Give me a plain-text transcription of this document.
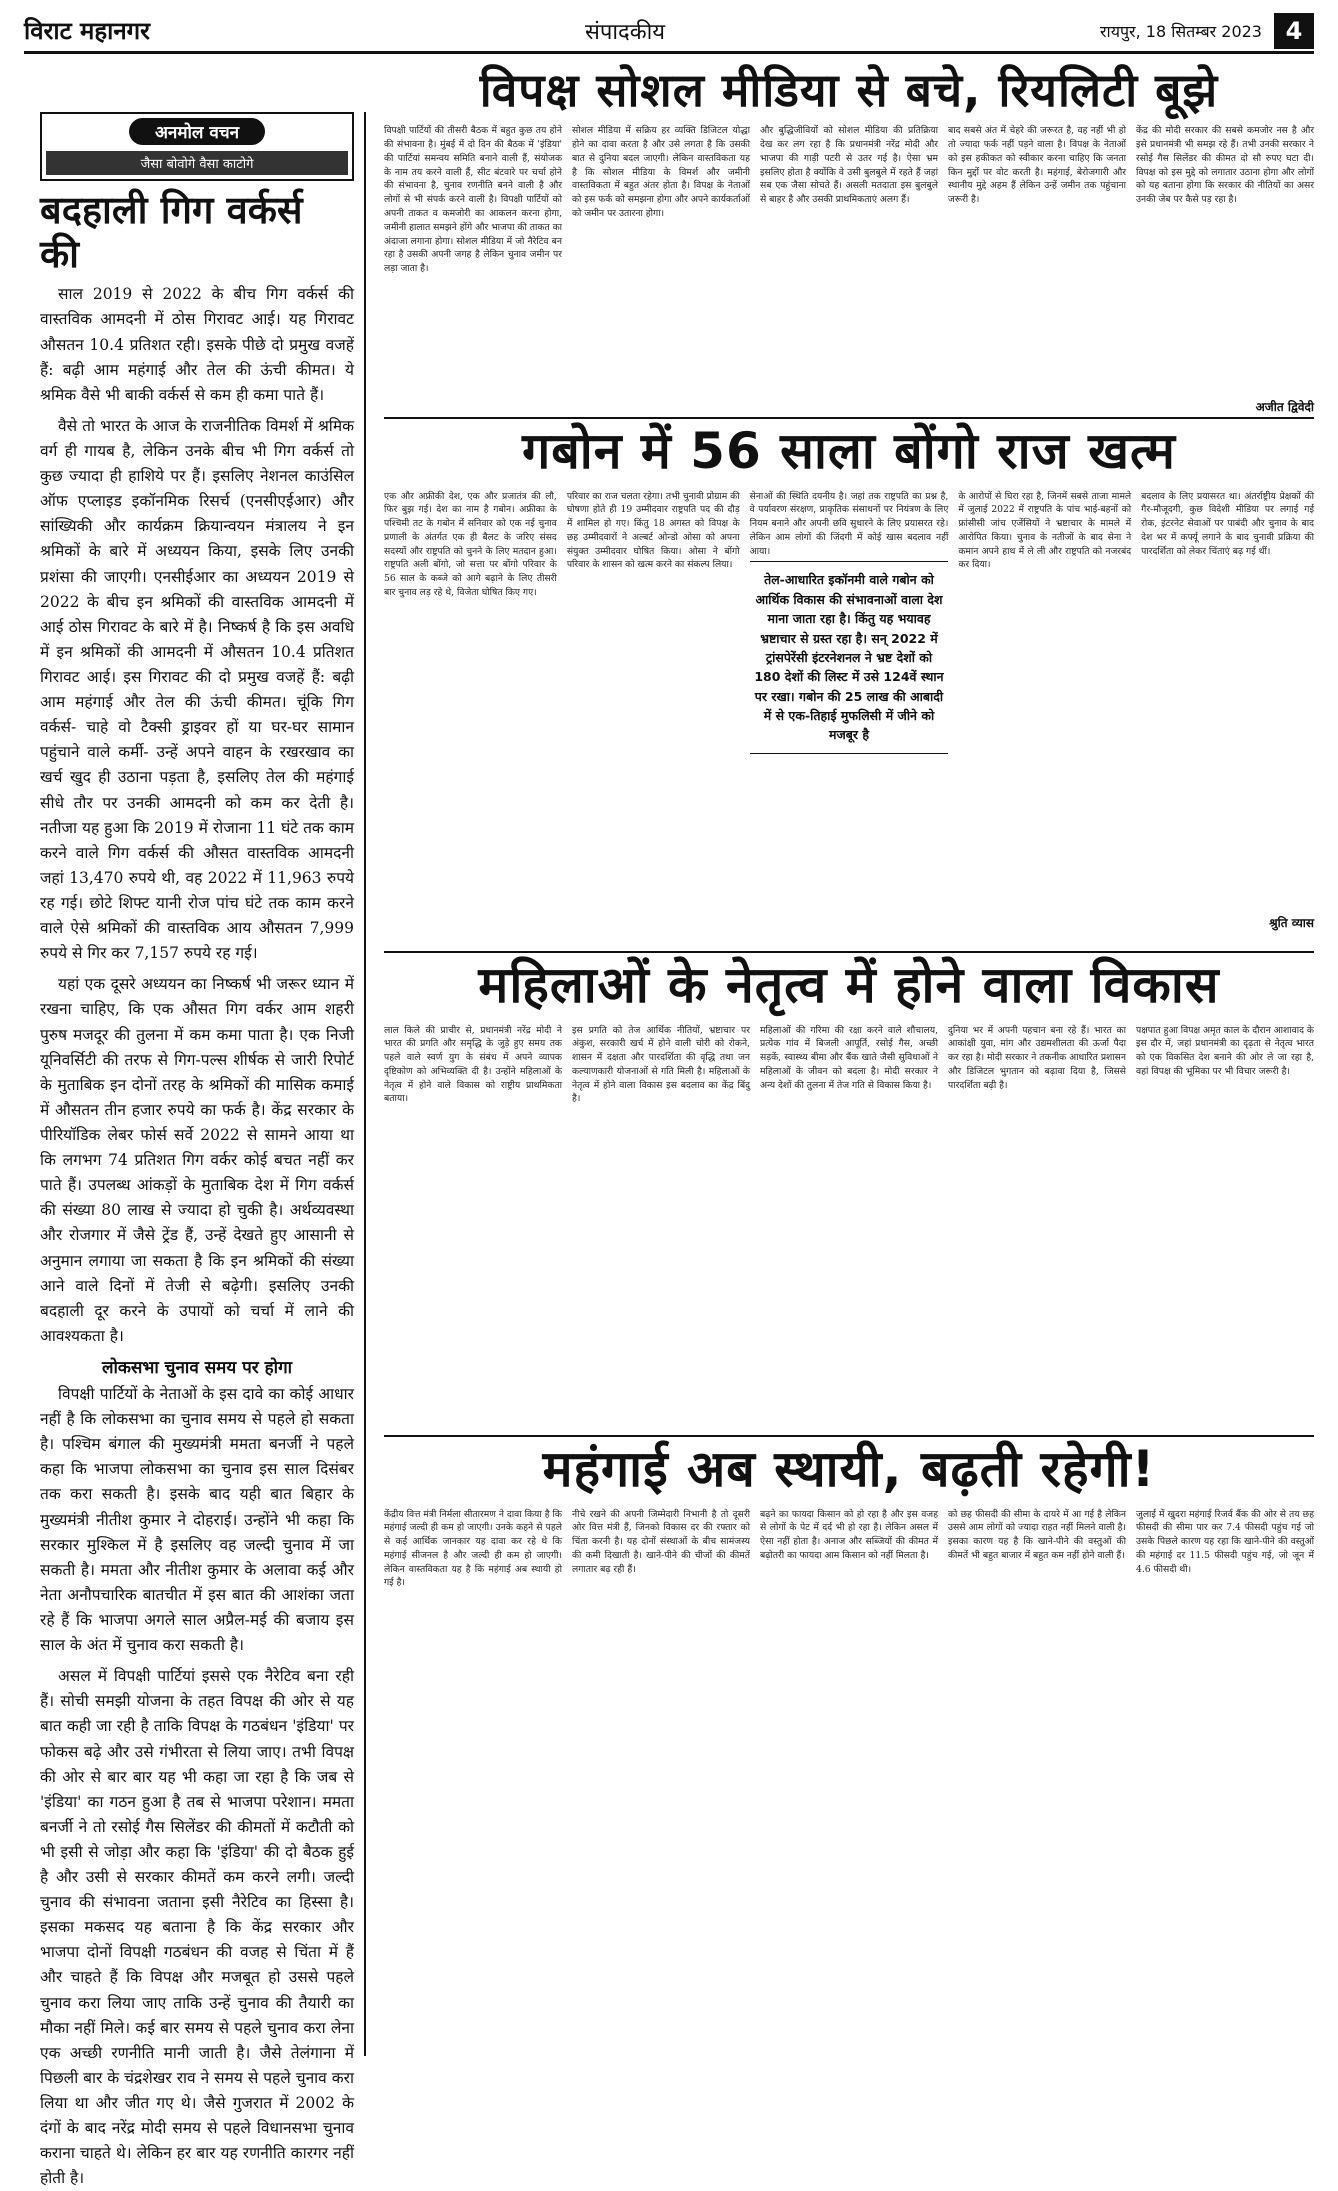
विराट महानगर	संपादकीय	रायपुर, 18 सितम्बर 2023 4
अनमोल वचन
जैसा बोवोगे वैसा काटोगे
बदहाली गिग वर्कर्स की

साल 2019 से 2022 के बीच गिग वर्कर्स की वास्तविक आमदनी में ठोस गिरावट आई। यह गिरावट औसतन 10.4 प्रतिशत रही। इसके पीछे दो प्रमुख वजहें हैं: बढ़ी आम महंगाई और तेल की ऊंची कीमत। ये श्रमिक वैसे भी बाकी वर्कर्स से कम ही कमा पाते हैं।

वैसे तो भारत के आज के राजनीतिक विमर्श में श्रमिक वर्ग ही गायब है, लेकिन उनके बीच भी गिग वर्कर्स तो कुछ ज्यादा ही हाशिये पर हैं। इसलिए नेशनल काउंसिल ऑफ एप्लाइड इकॉनमिक रिसर्च (एनसीएईआर) और सांख्यिकी और कार्यक्रम क्रियान्वयन मंत्रालय ने इन श्रमिकों के बारे में अध्ययन किया, इसके लिए उनकी प्रशंसा की जाएगी। एनसीईआर का अध्ययन 2019 से 2022 के बीच इन श्रमिकों की वास्तविक आमदनी में आई ठोस गिरावट के बारे में है। निष्कर्ष है कि इस अवधि में इन श्रमिकों की आमदनी में औसतन 10.4 प्रतिशत गिरावट आई। इस गिरावट की दो प्रमुख वजहें हैं: बढ़ी आम महंगाई और तेल की ऊंची कीमत। चूंकि गिग वर्कर्स- चाहे वो टैक्सी ड्राइवर हों या घर-घर सामान पहुंचाने वाले कर्मी- उन्हें अपने वाहन के रखरखाव का खर्च खुद ही उठाना पड़ता है, इसलिए तेल की महंगाई सीधे तौर पर उनकी आमदनी को कम कर देती है। नतीजा यह हुआ कि 2019 में रोजाना 11 घंटे तक काम करने वाले गिग वर्कर्स की औसत वास्तविक आमदनी जहां 13,470 रुपये थी, वह 2022 में 11,963 रुपये रह गई। छोटे शिफ्ट यानी रोज पांच घंटे तक काम करने वाले ऐसे श्रमिकों की वास्तविक आय औसतन 7,999 रुपये से गिर कर 7,157 रुपये रह गई।

यहां एक दूसरे अध्ययन का निष्कर्ष भी जरूर ध्यान में रखना चाहिए, कि एक औसत गिग वर्कर आम शहरी पुरुष मजदूर की तुलना में कम कमा पाता है। एक निजी यूनिवर्सिटी की तरफ से गिग-पल्स शीर्षक से जारी रिपोर्ट के मुताबिक इन दोनों तरह के श्रमिकों की मासिक कमाई में औसतन तीन हजार रुपये का फर्क है। केंद्र सरकार के पीरियॉडिक लेबर फोर्स सर्वे 2022 से सामने आया था कि लगभग 74 प्रतिशत गिग वर्कर कोई बचत नहीं कर पाते हैं। उपलब्ध आंकड़ों के मुताबिक देश में गिग वर्कर्स की संख्या 80 लाख से ज्यादा हो चुकी है। अर्थव्यवस्था और रोजगार में जैसे ट्रेंड हैं, उन्हें देखते हुए आसानी से अनुमान लगाया जा सकता है कि इन श्रमिकों की संख्या आने वाले दिनों में तेजी से बढ़ेगी। इसलिए उनकी बदहाली दूर करने के उपायों को चर्चा में लाने की आवश्यकता है।

लोकसभा चुनाव समय पर होगा

विपक्षी पार्टियों के नेताओं के इस दावे का कोई आधार नहीं है कि लोकसभा का चुनाव समय से पहले हो सकता है। पश्चिम बंगाल की मुख्यमंत्री ममता बनर्जी ने पहले कहा कि भाजपा लोकसभा का चुनाव इस साल दिसंबर तक करा सकती है। इसके बाद यही बात बिहार के मुख्यमंत्री नीतीश कुमार ने दोहराई। उन्होंने भी कहा कि सरकार मुश्किल में है इसलिए वह जल्दी चुनाव में जा सकती है। ममता और नीतीश कुमार के अलावा कई और नेता अनौपचारिक बातचीत में इस बात की आशंका जता रहे हैं कि भाजपा अगले साल अप्रैल-मई की बजाय इस साल के अंत में चुनाव करा सकती है।

असल में विपक्षी पार्टियां इससे एक नैरेटिव बना रही हैं। सोची समझी योजना के तहत विपक्ष की ओर से यह बात कही जा रही है ताकि विपक्ष के गठबंधन 'इंडिया' पर फोकस बढ़े और उसे गंभीरता से लिया जाए। तभी विपक्ष की ओर से बार बार यह भी कहा जा रहा है कि जब से 'इंडिया' का गठन हुआ है तब से भाजपा परेशान। ममता बनर्जी ने तो रसोई गैस सिलेंडर की कीमतों में कटौती को भी इसी से जोड़ा और कहा कि 'इंडिया' की दो बैठक हुई है और उसी से सरकार कीमतें कम करने लगी। जल्दी चुनाव की संभावना जताना इसी नैरेटिव का हिस्सा है। इसका मकसद यह बताना है कि केंद्र सरकार और भाजपा दोनों विपक्षी गठबंधन की वजह से चिंता में हैं और चाहते हैं कि विपक्ष और मजबूत हो उससे पहले चुनाव करा लिया जाए ताकि उन्हें चुनाव की तैयारी का मौका नहीं मिले। कई बार समय से पहले चुनाव करा लेना एक अच्छी रणनीति मानी जाती है। जैसे तेलंगाना में पिछली बार के चंद्रशेखर राव ने समय से पहले चुनाव करा लिया था और जीत गए थे। जैसे गुजरात में 2002 के दंगों के बाद नरेंद्र मोदी समय से पहले विधानसभा चुनाव कराना चाहते थे। लेकिन हर बार यह रणनीति कारगर नहीं होती है।

विपक्ष सोशल मीडिया से बचे, रियलिटी बूझे

विपक्षी पार्टियों की तीसरी बैठक में बहुत कुछ तय होने की संभावना है। मुंबई में दो दिन की बैठक में 'इंडिया' की पार्टियां समन्वय समिति बनाने वाली हैं, संयोजक के नाम तय करने वाली हैं, सीट बंटवारे पर चर्चा होने की संभावना है, चुनाव रणनीति बनने वाली है और लोगों से भी संपर्क करने वाली है। विपक्षी पार्टियों को अपनी ताकत व कमजोरी का आकलन करना होगा, जमीनी हालात समझने होंगे और भाजपा की ताकत का अंदाजा लगाना होगा। सोशल मीडिया में जो नैरेटिव बन रहा है उसकी अपनी जगह है लेकिन चुनाव जमीन पर लड़ा जाता है।

सोशल मीडिया में सक्रिय हर व्यक्ति डिजिटल योद्धा होने का दावा करता है और उसे लगता है कि उसकी बात से दुनिया बदल जाएगी। लेकिन वास्तविकता यह है कि सोशल मीडिया के विमर्श और जमीनी वास्तविकता में बहुत अंतर होता है। विपक्ष के नेताओं को इस फर्क को समझना होगा और अपने कार्यकर्ताओं को जमीन पर उतारना होगा।

और बुद्धिजीवियों को सोशल मीडिया की प्रतिक्रिया देख कर लग रहा है कि प्रधानमंत्री नरेंद्र मोदी और भाजपा की गाड़ी पटरी से उतर गई है। ऐसा भ्रम इसलिए होता है क्योंकि वे उसी बुलबुले में रहते हैं जहां सब एक जैसा सोचते हैं। असली मतदाता इस बुलबुले से बाहर है और उसकी प्राथमिकताएं अलग हैं।

बाद सबसे अंत में चेहरे की जरूरत है, वह नहीं भी हो तो ज्यादा फर्क नहीं पड़ने वाला है। विपक्ष के नेताओं को इस हकीकत को स्वीकार करना चाहिए कि जनता किन मुद्दों पर वोट करती है। महंगाई, बेरोजगारी और स्थानीय मुद्दे अहम हैं लेकिन उन्हें जमीन तक पहुंचाना जरूरी है।

केंद्र की मोदी सरकार की सबसे कमजोर नस है और इसे प्रधानमंत्री भी समझ रहे हैं। तभी उनकी सरकार ने रसोई गैस सिलेंडर की कीमत दो सौ रुपए घटा दी। विपक्ष को इस मुद्दे को लगातार उठाना होगा और लोगों को यह बताना होगा कि सरकार की नीतियों का असर उनकी जेब पर कैसे पड़ रहा है।

अजीत द्विवेदी
गबोन में 56 साला बोंगो राज खत्म

एक और अफ्रीकी देश, एक और प्रजातंत्र की लौ, फिर बुझ गई। देश का नाम है गबोन। अफ्रीका के पश्चिमी तट के गबोन में सनिवार को एक नई चुनाव प्रणाली के अंतर्गत एक ही बैलट के जरिए संसद सदस्यों और राष्ट्रपति को चुनने के लिए मतदान हुआ। राष्ट्रपति अली बोंगो, जो सत्ता पर बोंगो परिवार के 56 साल के कब्जे को आगे बढ़ाने के लिए तीसरी बार चुनाव लड़ रहे थे, विजेता घोषित किए गए।

परिवार का राज चलता रहेगा। तभी चुनावी प्रोग्राम की घोषणा होते ही 19 उम्मीदवार राष्ट्रपति पद की दौड़ में शामिल हो गए। किंतु 18 अगस्त को विपक्ष के छह उम्मीदवारों ने अल्बर्ट ओन्डो ओसा को अपना संयुक्त उम्मीदवार घोषित किया। ओसा ने बोंगो परिवार के शासन को खत्म करने का संकल्प लिया।

सेनाओं की स्थिति दयनीय है। जहां तक राष्ट्रपति का प्रश्न है, वे पर्यावरण संरक्षण, प्राकृतिक संसाधनों पर नियंत्रण के लिए नियम बनाने और अपनी छवि सुधारने के लिए प्रयासरत रहे। लेकिन आम लोगों की जिंदगी में कोई खास बदलाव नहीं आया।

तेल-आधारित इकॉनमी वाले गबोन को आर्थिक विकास की संभावनाओं वाला देश माना जाता रहा है। किंतु यह भयावह भ्रष्टाचार से ग्रस्त रहा है। सन् 2022 में ट्रांसपेरेंसी इंटरनेशनल ने भ्रष्ट देशों को 180 देशों की लिस्ट में उसे 124वें स्थान पर रखा। गबोन की 25 लाख की आबादी में से एक-तिहाई मुफलिसी में जीने को मजबूर है

के आरोपों से घिरा रहा है, जिनमें सबसे ताजा मामले में जुलाई 2022 में राष्ट्रपति के पांच भाई-बहनों को फ्रांसीसी जांच एजेंसियों ने भ्रष्टाचार के मामले में आरोपित किया। चुनाव के नतीजों के बाद सेना ने कमान अपने हाथ में ले ली और राष्ट्रपति को नजरबंद कर दिया।

बदलाव के लिए प्रयासरत था। अंतर्राष्ट्रीय प्रेक्षकों की गैर-मौजूदगी, कुछ विदेशी मीडिया पर लगाई गई रोक, इंटरनेट सेवाओं पर पाबंदी और चुनाव के बाद देश भर में कर्फ्यू लगाने के बाद चुनावी प्रक्रिया की पारदर्शिता को लेकर चिंताएं बढ़ गई थीं।

श्रुति व्यास
महिलाओं के नेतृत्व में होने वाला विकास

लाल किले की प्राचीर से, प्रधानमंत्री नरेंद्र मोदी ने भारत की प्रगति और समृद्धि के जुड़े हुए समय तक पहले वाले स्वर्ण युग के संबंध में अपने व्यापक दृष्टिकोण को अभिव्यक्ति दी है। उन्होंने महिलाओं के नेतृत्व में होने वाले विकास को राष्ट्रीय प्राथमिकता बताया।

इस प्रगति को तेज आर्थिक नीतियों, भ्रष्टाचार पर अंकुश, सरकारी खर्च में होने वाली चोरी को रोकने, शासन में दक्षता और पारदर्शिता की वृद्धि तथा जन कल्याणकारी योजनाओं से गति मिली है। महिलाओं के नेतृत्व में होने वाला विकास इस बदलाव का केंद्र बिंदु है।

महिलाओं की गरिमा की रक्षा करने वाले शौचालय, प्रत्येक गांव में बिजली आपूर्ति, रसोई गैस, अच्छी सड़कें, स्वास्थ्य बीमा और बैंक खाते जैसी सुविधाओं ने महिलाओं के जीवन को बदला है। मोदी सरकार ने अन्य देशों की तुलना में तेज गति से विकास किया है।

दुनिया भर में अपनी पहचान बना रहे हैं। भारत का आकांक्षी युवा, मांग और उद्यमशीलता की ऊर्जा पैदा कर रहा है। मोदी सरकार ने तकनीक आधारित प्रशासन और डिजिटल भुगतान को बढ़ावा दिया है, जिससे पारदर्शिता बढ़ी है।

पक्षपात हुआ विपक्ष अमृत काल के दौरान आशावाद के इस दौर में, जहां प्रधानमंत्री का दृढ़ता से नेतृत्व भारत को एक विकसित देश बनाने की ओर ले जा रहा है, वहां विपक्ष की भूमिका पर भी विचार जरूरी है।

महंगाई अब स्थायी, बढ़ती रहेगी!

केंद्रीय वित्त मंत्री निर्मला सीतारमण ने दावा किया है कि महंगाई जल्दी ही कम हो जाएगी। उनके कहने से पहले से कई आर्थिक जानकार यह दावा कर रहे थे कि महंगाई सीजनल है और जल्दी ही कम हो जाएगी। लेकिन वास्तविकता यह है कि महंगाई अब स्थायी हो गई है।

नीचे रखने की अपनी जिम्मेदारी निभानी है तो दूसरी ओर वित्त मंत्री हैं, जिनको विकास दर की रफ्तार को चिंता करनी है। यह दोनों संस्थाओं के बीच सामंजस्य की कमी दिखाती है। खाने-पीने की चीजों की कीमतें लगातार बढ़ रही हैं।

बढ़ने का फायदा किसान को हो रहा है और इस वजह से लोगों के पेट में दर्द भी हो रहा है। लेकिन असल में ऐसा नहीं होता है। अनाज और सब्जियों की कीमत में बढ़ोतरी का फायदा आम किसान को नहीं मिलता है।

को छह फीसदी की सीमा के दायरे में आ गई है लेकिन उससे आम लोगों को ज्यादा राहत नहीं मिलने वाली है। इसका कारण यह है कि खाने-पीने की वस्तुओं की कीमतें भी बहुत बाजार में बहुत कम नहीं होने वाली हैं।

जुलाई में खुदरा महंगाई रिजर्व बैंक की ओर से तय छह फीसदी की सीमा पार कर 7.4 फीसदी पहुंच गई जो उसके पिछले कारण यह रहा कि खाने-पीने की वस्तुओं की महंगाई दर 11.5 फीसदी पहुंच गई, जो जून में 4.6 फीसदी थी।
